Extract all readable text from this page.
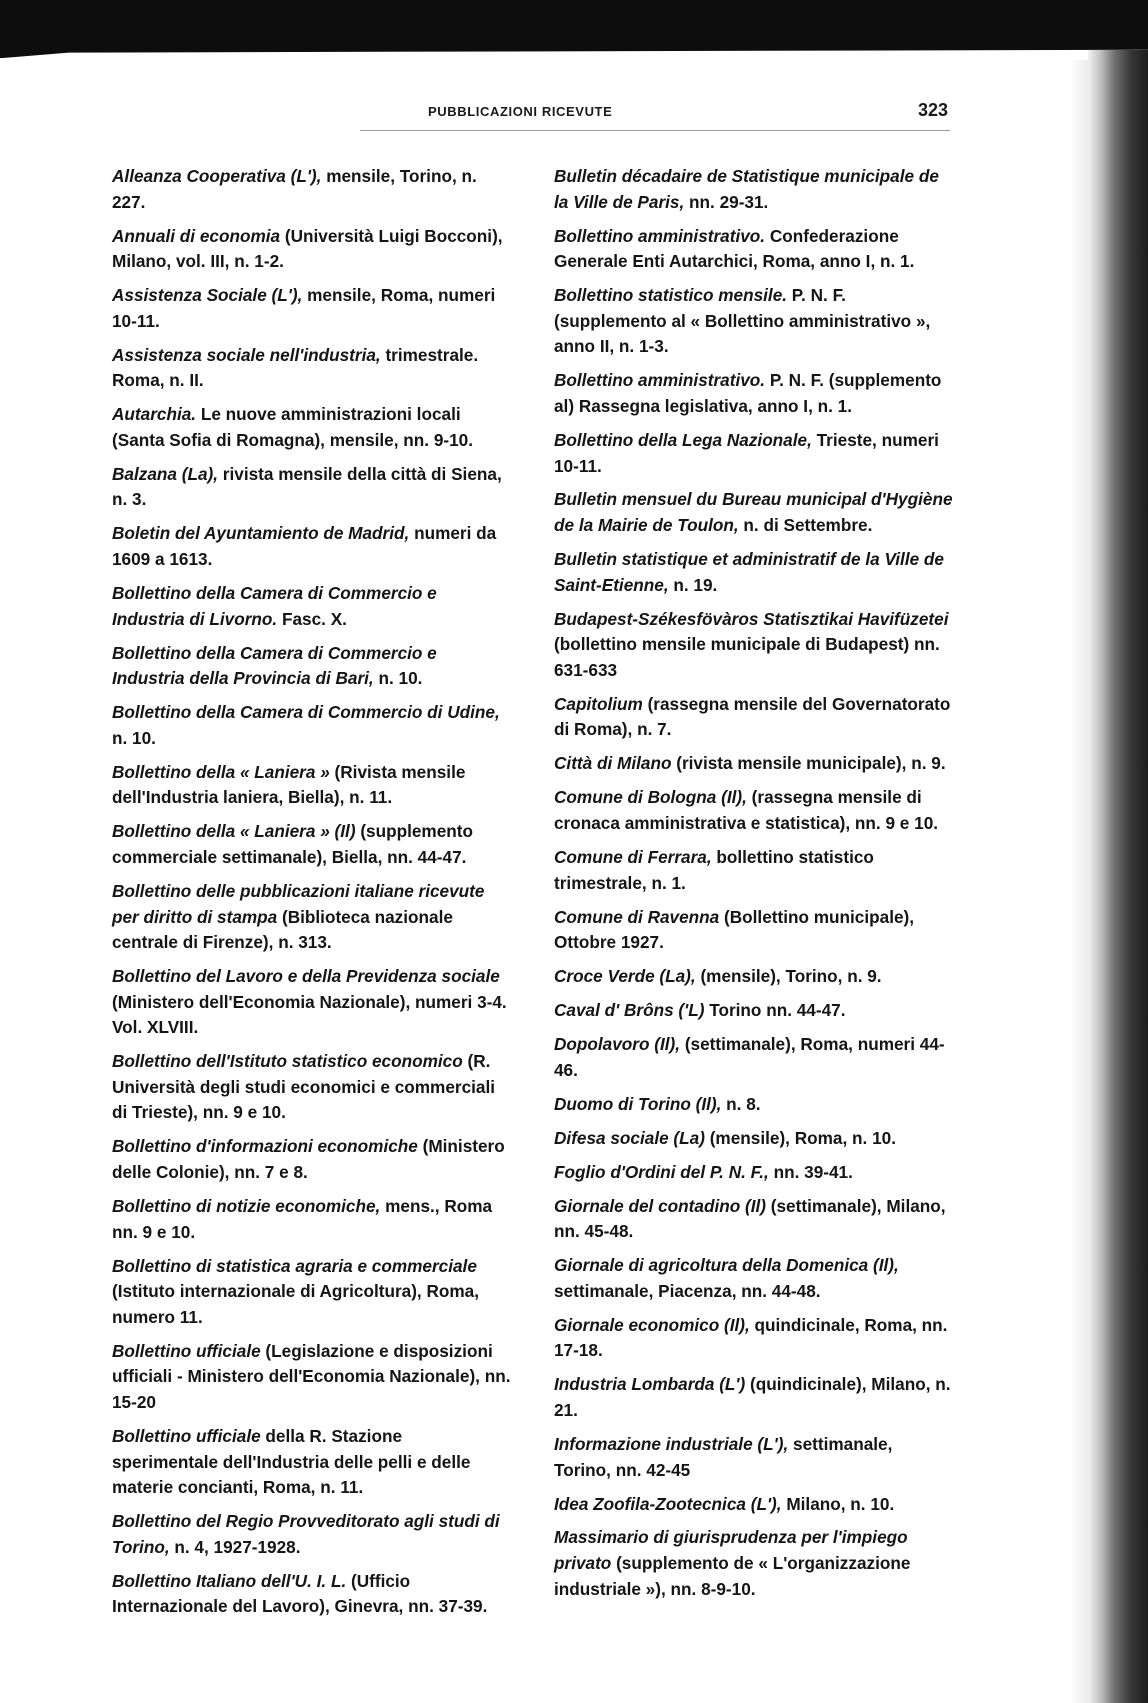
PUBBLICAZIONI RICEVUTE	323

Alleanza Cooperativa (L'), mensile, Torino, n. 227.

Annuali di economia (Università Luigi Bocconi), Milano, vol. III, n. 1-2.

Assistenza Sociale (L'), mensile, Roma, numeri 10-11.

Assistenza sociale nell'industria, trimestrale. Roma, n. II.

Autarchia. Le nuove amministrazioni locali (Santa Sofia di Romagna), mensile, nn. 9-10.

Balzana (La), rivista mensile della città di Siena, n. 3.

Boletin del Ayuntamiento de Madrid, numeri da 1609 a 1613.

Bollettino della Camera di Commercio e Industria di Livorno. Fasc. X.

Bollettino della Camera di Commercio e Industria della Provincia di Bari, n. 10.

Bollettino della Camera di Commercio di Udine, n. 10.

Bollettino della « Laniera » (Rivista mensile dell'Industria laniera, Biella), n. 11.

Bollettino della « Laniera » (Il) (supplemento commerciale settimanale), Biella, nn. 44-47.

Bollettino delle pubblicazioni italiane ricevute per diritto di stampa (Biblioteca nazionale centrale di Firenze), n. 313.

Bollettino del Lavoro e della Previdenza sociale (Ministero dell'Economia Nazionale), numeri 3-4. Vol. XLVIII.

Bollettino dell'Istituto statistico economico (R. Università degli studi economici e commerciali di Trieste), nn. 9 e 10.

Bollettino d'informazioni economiche (Ministero delle Colonie), nn. 7 e 8.

Bollettino di notizie economiche, mens., Roma nn. 9 e 10.

Bollettino di statistica agraria e commerciale (Istituto internazionale di Agricoltura), Roma, numero 11.

Bollettino ufficiale (Legislazione e disposizioni ufficiali - Ministero dell'Economia Nazionale), nn. 15-20

Bollettino ufficiale della R. Stazione sperimentale dell'Industria delle pelli e delle materie concianti, Roma, n. 11.

Bollettino del Regio Provveditorato agli studi di Torino, n. 4, 1927-1928.

Bollettino Italiano dell'U. I. L. (Ufficio Internazionale del Lavoro), Ginevra, nn. 37-39.

Bulletin décadaire de Statistique municipale de la Ville de Paris, nn. 29-31.

Bollettino amministrativo. Confederazione Generale Enti Autarchici, Roma, anno I, n. 1.

Bollettino statistico mensile. P. N. F. (supplemento al « Bollettino amministrativo », anno II, n. 1-3.

Bollettino amministrativo. P. N. F. (supplemento al) Rassegna legislativa, anno I, n. 1.

Bollettino della Lega Nazionale, Trieste, numeri 10-11.

Bulletin mensuel du Bureau municipal d'Hygiène de la Mairie de Toulon, n. di Settembre.

Bulletin statistique et administratif de la Ville de Saint-Etienne, n. 19.

Budapest-Székesfövàros Statisztikai Havifüzetei (bollettino mensile municipale di Budapest) nn. 631-633

Capitolium (rassegna mensile del Governatorato di Roma), n. 7.

Città di Milano (rivista mensile municipale), n. 9.

Comune di Bologna (Il), (rassegna mensile di cronaca amministrativa e statistica), nn. 9 e 10.

Comune di Ferrara, bollettino statistico trimestrale, n. 1.

Comune di Ravenna (Bollettino municipale), Ottobre 1927.

Croce Verde (La), (mensile), Torino, n. 9.

Caval d' Brôns ('L) Torino nn. 44-47.

Dopolavoro (Il), (settimanale), Roma, numeri 44-46.

Duomo di Torino (Il), n. 8.

Difesa sociale (La) (mensile), Roma, n. 10.

Foglio d'Ordini del P. N. F., nn. 39-41.

Giornale del contadino (Il) (settimanale), Milano, nn. 45-48.

Giornale di agricoltura della Domenica (Il), settimanale, Piacenza, nn. 44-48.

Giornale economico (Il), quindicinale, Roma, nn. 17-18.

Industria Lombarda (L') (quindicinale), Milano, n. 21.

Informazione industriale (L'), settimanale, Torino, nn. 42-45

Idea Zoofila-Zootecnica (L'), Milano, n. 10.

Massimario di giurisprudenza per l'impiego privato (supplemento de « L'organizzazione industriale »), nn. 8-9-10.
